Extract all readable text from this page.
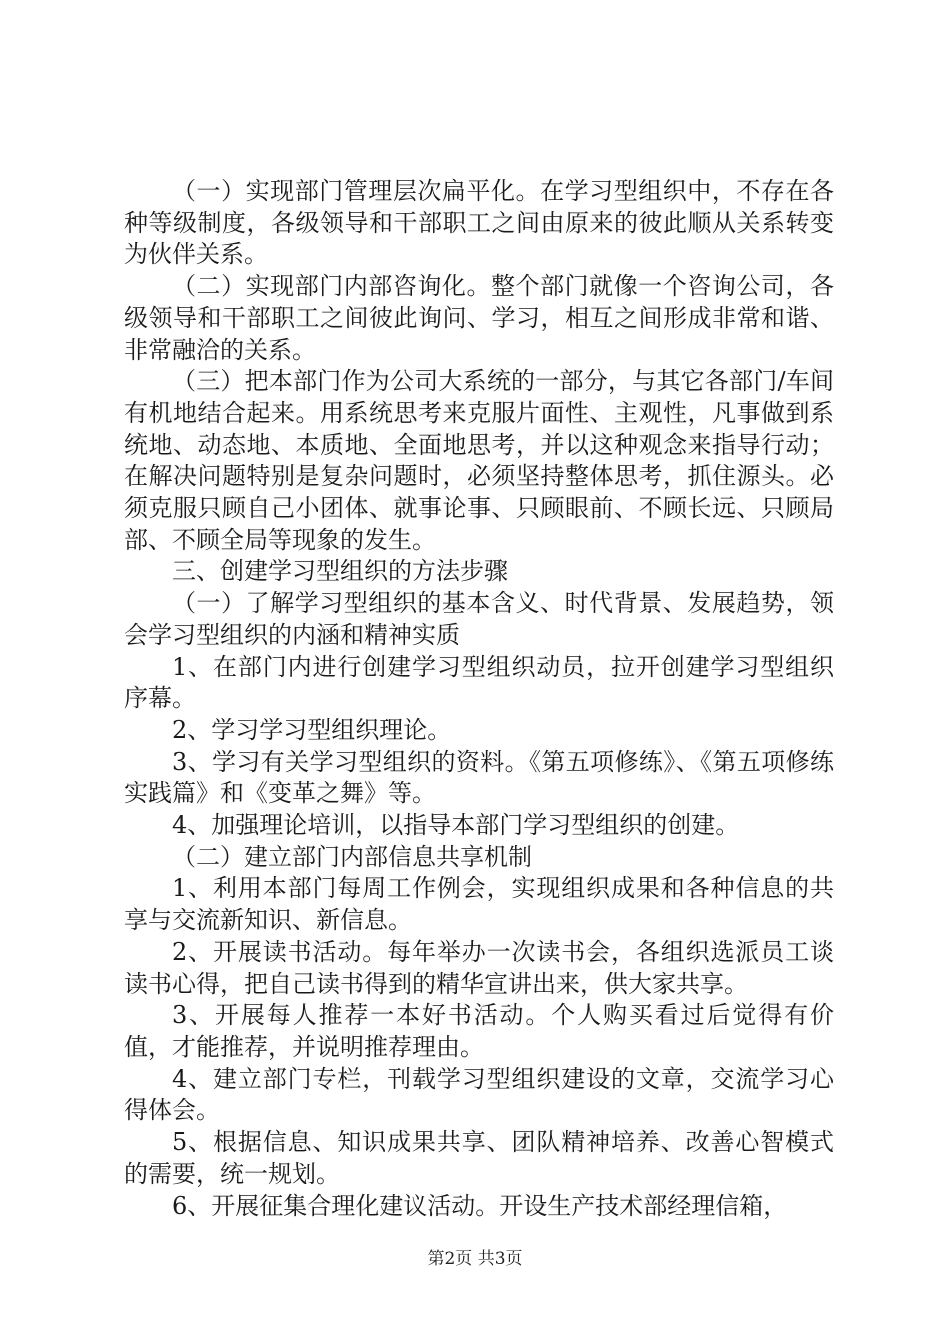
（一）实现部门管理层次扁平化。在学习型组织中，不存在各种等级制度，各级领导和干部职工之间由原来的彼此顺从关系转变为伙伴关系。

（二）实现部门内部咨询化。整个部门就像一个咨询公司，各级领导和干部职工之间彼此询问、学习，相互之间形成非常和谐、非常融洽的关系。

（三）把本部门作为公司大系统的一部分，与其它各部门/车间有机地结合起来。用系统思考来克服片面性、主观性，凡事做到系统地、动态地、本质地、全面地思考，并以这种观念来指导行动；在解决问题特别是复杂问题时，必须坚持整体思考，抓住源头。必须克服只顾自己小团体、就事论事、只顾眼前、不顾长远、只顾局部、不顾全局等现象的发生。

三、创建学习型组织的方法步骤

（一）了解学习型组织的基本含义、时代背景、发展趋势，领会学习型组织的内涵和精神实质

1、在部门内进行创建学习型组织动员，拉开创建学习型组织序幕。

2、学习学习型组织理论。

3、学习有关学习型组织的资料。《第五项修练》、《第五项修练实践篇》和《变革之舞》等。

4、加强理论培训，以指导本部门学习型组织的创建。

（二）建立部门内部信息共享机制

1、利用本部门每周工作例会，实现组织成果和各种信息的共享与交流新知识、新信息。

2、开展读书活动。每年举办一次读书会，各组织选派员工谈读书心得，把自己读书得到的精华宣讲出来，供大家共享。

3、开展每人推荐一本好书活动。个人购买看过后觉得有价值，才能推荐，并说明推荐理由。

4、建立部门专栏，刊载学习型组织建设的文章，交流学习心得体会。

5、根据信息、知识成果共享、团队精神培养、改善心智模式的需要，统一规划。

6、开展征集合理化建议活动。开设生产技术部经理信箱，

第2页 共3页
